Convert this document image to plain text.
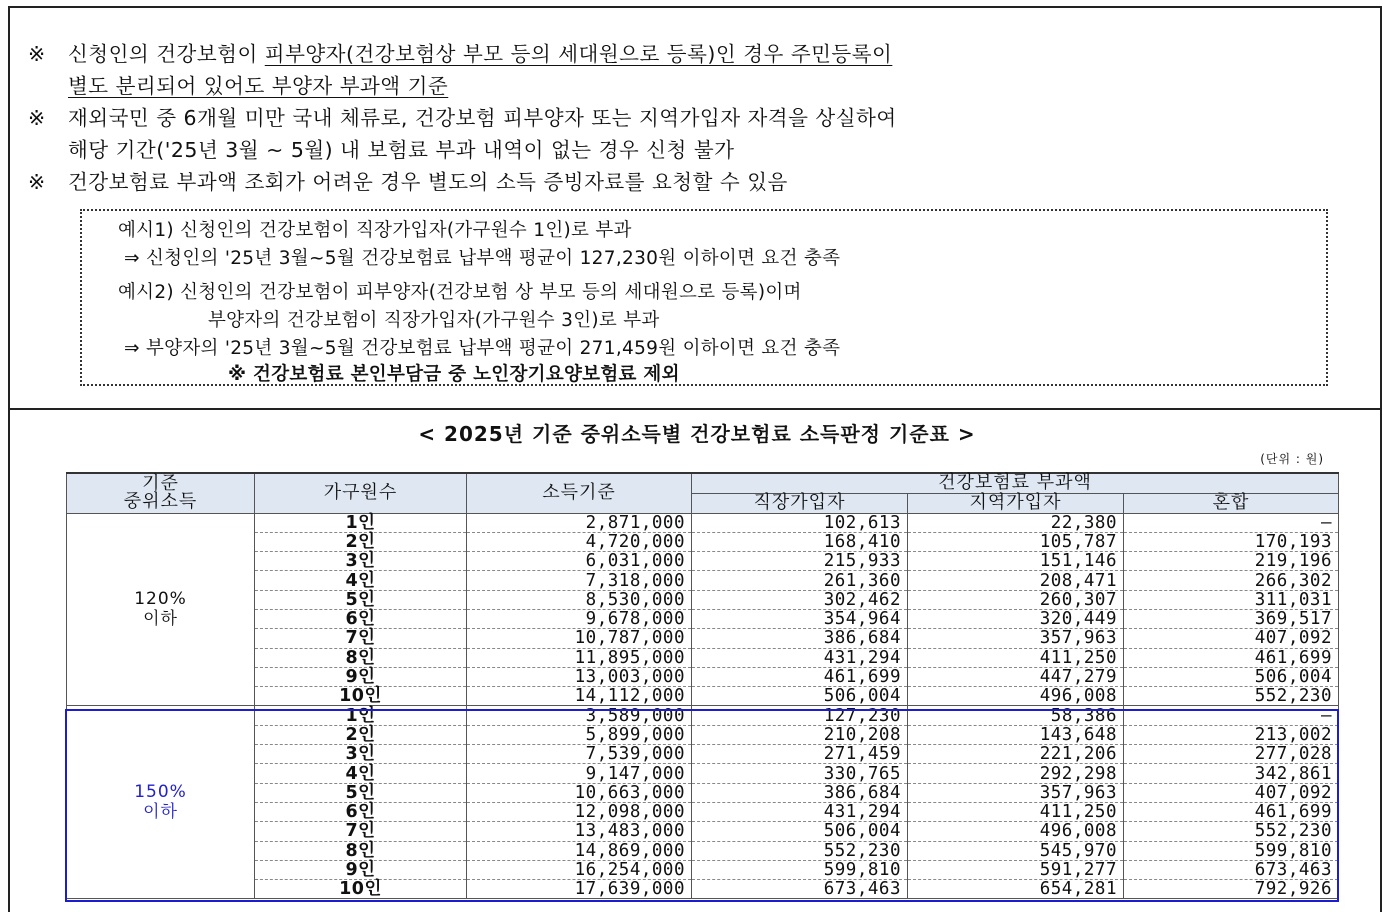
※ 신청인의 건강보험이 피부양자(건강보험상 부모 등의 세대원으로 등록)인 경우 주민등록이
별도 분리되어 있어도 부양자 부과액 기준
※ 재외국민 중 6개월 미만 국내 체류로, 건강보험 피부양자 또는 지역가입자 자격을 상실하여
해당 기간('25년 3월 ~ 5월) 내 보험료 부과 내역이 없는 경우 신청 불가
※ 건강보험료 부과액 조회가 어려운 경우 별도의 소득 증빙자료를 요청할 수 있음
예시1) 신청인의 건강보험이 직장가입자(가구원수 1인)로 부과
⇒ 신청인의 '25년 3월~5월 건강보험료 납부액 평균이 127,230원 이하이면 요건 충족
예시2) 신청인의 건강보험이 피부양자(건강보험 상 부모 등의 세대원으로 등록)이며
부양자의 건강보험이 직장가입자(가구원수 3인)로 부과
⇒ 부양자의 '25년 3월~5월 건강보험료 납부액 평균이 271,459원 이하이면 요건 충족
※ 건강보험료 본인부담금 중 노인장기요양보험료 제외
< 2025년 기준 중위소득별 건강보험료 소득판정 기준표 >
(단위 : 원)
기준
중위소득	가구원수	소득기준	건강보험료 부과액		
			직장가입자	지역가입자	혼합
120%
이하	1인	2,871,000	102,613	22,380	–
	2인	4,720,000	168,410	105,787	170,193
	3인	6,031,000	215,933	151,146	219,196
	4인	7,318,000	261,360	208,471	266,302
	5인	8,530,000	302,462	260,307	311,031
	6인	9,678,000	354,964	320,449	369,517
	7인	10,787,000	386,684	357,963	407,092
	8인	11,895,000	431,294	411,250	461,699
	9인	13,003,000	461,699	447,279	506,004
	10인	14,112,000	506,004	496,008	552,230
150%
이하	1인	3,589,000	127,230	58,386	–
	2인	5,899,000	210,208	143,648	213,002
	3인	7,539,000	271,459	221,206	277,028
	4인	9,147,000	330,765	292,298	342,861
	5인	10,663,000	386,684	357,963	407,092
	6인	12,098,000	431,294	411,250	461,699
	7인	13,483,000	506,004	496,008	552,230
	8인	14,869,000	552,230	545,970	599,810
	9인	16,254,000	599,810	591,277	673,463
	10인	17,639,000	673,463	654,281	792,926
